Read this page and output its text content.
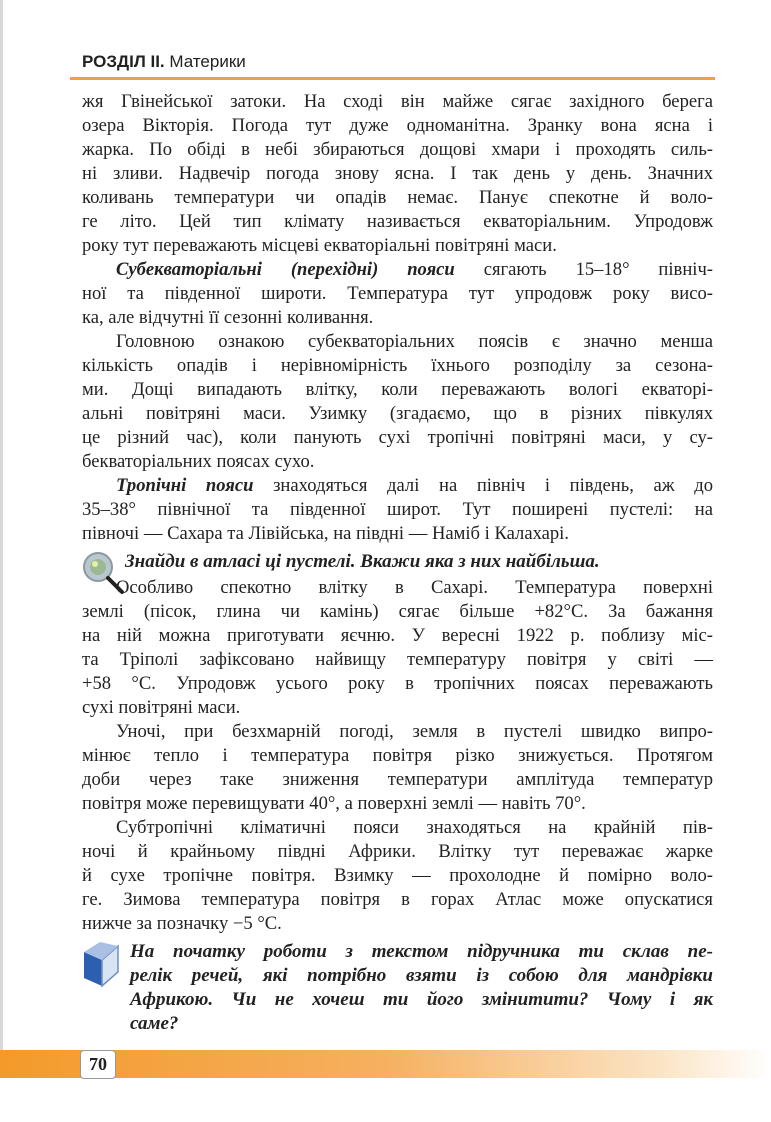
РОЗДІЛ II. Материки
жя Гвінейської затоки. На сході він майже сягає західного берега
озера Вікторія. Погода тут дуже одноманітна. Зранку вона ясна і
жарка. По обіді в небі збираються дощові хмари і проходять силь-
ні зливи. Надвечір погода знову ясна. І так день у день. Значних
коливань температури чи опадів немає. Панує спекотне й воло-
ге літо. Цей тип клімату називається екваторіальним. Упродовж
року тут переважають місцеві екваторіальні повітряні маси.
Субекваторіальні (перехідні) пояси сягають 15–18° північ-
ної та південної широти. Температура тут упродовж року висо-
ка, але відчутні її сезонні коливання.
Головною ознакою субекваторіальних поясів є значно менша
кількість опадів і нерівномірність їхнього розподілу за сезона-
ми. Дощі випадають влітку, коли переважають вологі екваторі-
альні повітряні маси. Узимку (згадаємо, що в різних півкулях
це різний час), коли панують сухі тропічні повітряні маси, у су-
бекваторіальних поясах сухо.
Тропічні пояси знаходяться далі на північ і південь, аж до
35–38° північної та південної широт. Тут поширені пустелі: на
півночі — Сахара та Лівійська, на півдні — Наміб і Калахарі.
Знайди в атласі ці пустелі. Вкажи яка з них найбільша.
Особливо спекотно влітку в Сахарі. Температура поверхні
землі (пісок, глина чи камінь) сягає більше +82°С. За бажання
на ній можна приготувати яєчню. У вересні 1922 р. поблизу міс-
та Тріполі зафіксовано найвищу температуру повітря у світі —
+58 °С. Упродовж усього року в тропічних поясах переважають
сухі повітряні маси.
Уночі, при безхмарній погоді, земля в пустелі швидко випро-
мінює тепло і температура повітря різко знижується. Протягом
доби через таке зниження температури амплітуда температур
повітря може перевищувати 40°, а поверхні землі — навіть 70°.
Субтропічні кліматичні пояси знаходяться на крайній пів-
ночі й крайньому півдні Африки. Влітку тут переважає жарке
й сухе тропічне повітря. Взимку — прохолодне й помірно воло-
ге. Зимова температура повітря в горах Атлас може опускатися
нижче за позначку −5 °С.
На початку роботи з текстом підручника ти склав пе-
релік речей, які потрібно взяти із собою для мандрівки
Африкою. Чи не хочеш ти його змінитити? Чому і як
саме?
70
